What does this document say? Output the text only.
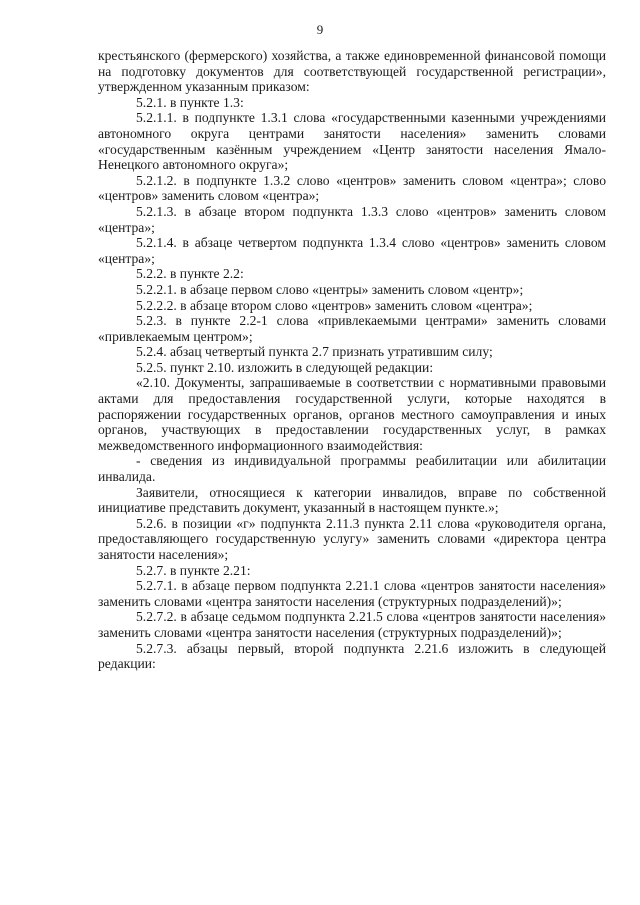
9

крестьянского (фермерского) хозяйства, а также единовременной финансовой помощи на подготовку документов для соответствующей государственной регистрации», утвержденном указанным приказом:

5.2.1. в пункте 1.3:

5.2.1.1. в подпункте 1.3.1 слова «государственными казенными учреждениями автономного округа центрами занятости населения» заменить словами «государственным казённым учреждением «Центр занятости населения Ямало-Ненецкого автономного округа»;

5.2.1.2. в подпункте 1.3.2 слово «центров» заменить словом «центра»; слово «центров» заменить словом «центра»;

5.2.1.3. в абзаце втором подпункта 1.3.3 слово «центров» заменить словом «центра»;

5.2.1.4. в абзаце четвертом подпункта 1.3.4 слово «центров» заменить словом «центра»;

5.2.2. в пункте 2.2:

5.2.2.1. в абзаце первом слово «центры» заменить словом «центр»;

5.2.2.2. в абзаце втором слово «центров» заменить словом «центра»;

5.2.3. в пункте 2.2-1 слова «привлекаемыми центрами» заменить словами «привлекаемым центром»;

5.2.4. абзац четвертый пункта 2.7 признать утратившим силу;

5.2.5. пункт 2.10. изложить в следующей редакции:

«2.10. Документы, запрашиваемые в соответствии с нормативными правовыми актами для предоставления государственной услуги, которые находятся в распоряжении государственных органов, органов местного самоуправления и иных органов, участвующих в предоставлении государственных услуг, в рамках межведомственного информационного взаимодействия:

- сведения из индивидуальной программы реабилитации или абилитации инвалида.

Заявители, относящиеся к категории инвалидов, вправе по собственной инициативе представить документ, указанный в настоящем пункте.»;

5.2.6. в позиции «г» подпункта 2.11.3 пункта 2.11 слова «руководителя органа, предоставляющего государственную услугу» заменить словами «директора центра занятости населения»;

5.2.7. в пункте 2.21:

5.2.7.1. в абзаце первом подпункта 2.21.1 слова «центров занятости населения» заменить словами «центра занятости населения (структурных подразделений)»;

5.2.7.2. в абзаце седьмом подпункта 2.21.5 слова «центров занятости населения» заменить словами «центра занятости населения (структурных подразделений)»;

5.2.7.3. абзацы первый, второй подпункта 2.21.6 изложить в следующей редакции:
